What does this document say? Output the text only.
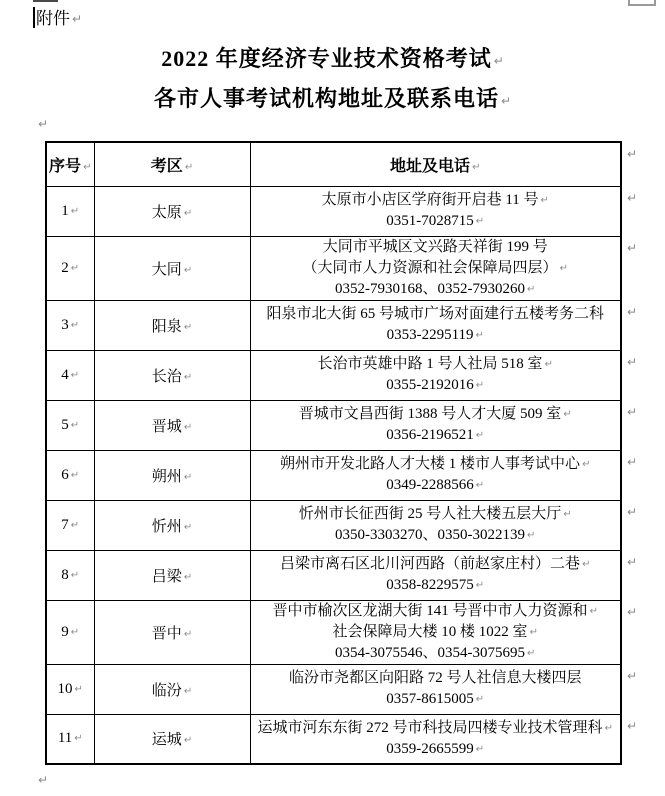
附件 ↵
2022 年度经济专业技术资格考试 ↵
各市人事考试机构地址及联系电话 ↵
↵
序号 ↵	考区 ↵	地址及电话 ↵
↵

1 ↵	太原 ↵	太原市小店区学府街开启巷 11 号 ↵
0351-7028715 ↵
↵

2 ↵	大同 ↵	大同市平城区文兴路天祥街 199 号
（大同市人力资源和社会保障局四层） ↵
0352-7930168、0352-7930260 ↵
↵

3 ↵	阳泉 ↵	阳泉市北大街 65 号城市广场对面建行五楼考务二科
0353-2295119 ↵
↵

4 ↵	长治 ↵	长治市英雄中路 1 号人社局 518 室 ↵
0355-2192016 ↵
↵

5 ↵	晋城 ↵	晋城市文昌西街 1388 号人才大厦 509 室 ↵
0356-2196521 ↵
↵

6 ↵	朔州 ↵	朔州市开发北路人才大楼 1 楼市人事考试中心 ↵
0349-2288566 ↵
↵

7 ↵	忻州 ↵	忻州市长征西街 25 号人社大楼五层大厅 ↵
0350-3303270、0350-3022139 ↵
↵

8 ↵	吕梁 ↵	吕梁市离石区北川河西路（前赵家庄村）二巷 ↵
0358-8229575 ↵
↵

9 ↵	晋中 ↵	晋中市榆次区龙湖大街 141 号晋中市人力资源和 ↵
社会保障局大楼 10 楼 1022 室 ↵
0354-3075546、0354-3075695 ↵
↵

10 ↵	临汾 ↵	临汾市尧都区向阳路 72 号人社信息大楼四层
0357-8615005 ↵
↵

11 ↵	运城 ↵	运城市河东东街 272 号市科技局四楼专业技术管理科 ↵
0359-2665599 ↵
↵
↵
